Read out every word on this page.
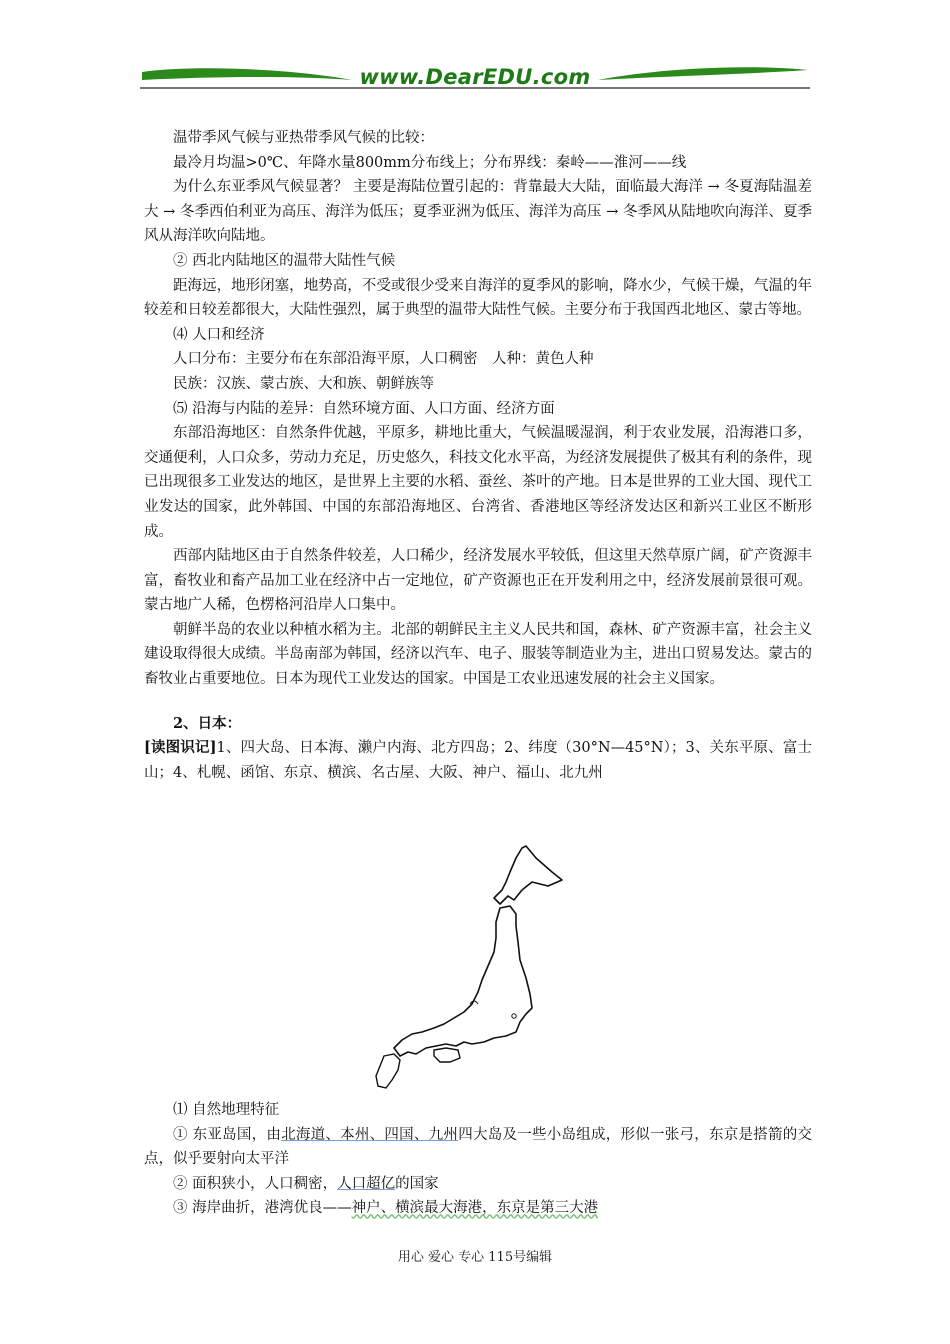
www.DearEDU.com

温带季风气候与亚热带季风气候的比较：

最冷月均温>0℃、年降水量800mm分布线上；分布界线：秦岭——淮河——线

为什么东亚季风气候显著？ 主要是海陆位置引起的：背靠最大大陆，面临最大海洋 → 冬夏海陆温差大 → 冬季西伯利亚为高压、海洋为低压；夏季亚洲为低压、海洋为高压 → 冬季风从陆地吹向海洋、夏季风从海洋吹向陆地。

② 西北内陆地区的温带大陆性气候

距海远，地形闭塞，地势高，不受或很少受来自海洋的夏季风的影响，降水少，气候干燥，气温的年较差和日较差都很大，大陆性强烈，属于典型的温带大陆性气候。主要分布于我国西北地区、蒙古等地。

⑷ 人口和经济

人口分布：主要分布在东部沿海平原，人口稠密　人种：黄色人种

民族：汉族、蒙古族、大和族、朝鲜族等

⑸ 沿海与内陆的差异：自然环境方面、人口方面、经济方面

东部沿海地区：自然条件优越，平原多，耕地比重大，气候温暖湿润，利于农业发展，沿海港口多，交通便利，人口众多，劳动力充足，历史悠久，科技文化水平高，为经济发展提供了极其有利的条件，现已出现很多工业发达的地区，是世界上主要的水稻、蚕丝、茶叶的产地。日本是世界的工业大国、现代工业发达的国家，此外韩国、中国的东部沿海地区、台湾省、香港地区等经济发达区和新兴工业区不断形成。

西部内陆地区由于自然条件较差，人口稀少，经济发展水平较低，但这里天然草原广阔，矿产资源丰富，畜牧业和畜产品加工业在经济中占一定地位，矿产资源也正在开发利用之中，经济发展前景很可观。蒙古地广人稀，色楞格河沿岸人口集中。

朝鲜半岛的农业以种植水稻为主。北部的朝鲜民主主义人民共和国，森林、矿产资源丰富，社会主义建设取得很大成绩。半岛南部为韩国，经济以汽车、电子、服装等制造业为主，进出口贸易发达。蒙古的畜牧业占重要地位。日本为现代工业发达的国家。中国是工农业迅速发展的社会主义国家。

2、日本：

[读图识记]1、四大岛、日本海、濑户内海、北方四岛；2、纬度（30°N—45°N）；3、关东平原、富士山；4、札幌、函馆、东京、横滨、名古屋、大阪、神户、福山、北九州

⑴ 自然地理特征

① 东亚岛国，由北海道、本州、四国、九州四大岛及一些小岛组成，形似一张弓，东京是搭箭的交点，似乎要射向太平洋

② 面积狭小，人口稠密，人口超亿的国家

③ 海岸曲折，港湾优良——神户、横滨最大海港，东京是第三大港

用心 爱心 专心 115号编辑
